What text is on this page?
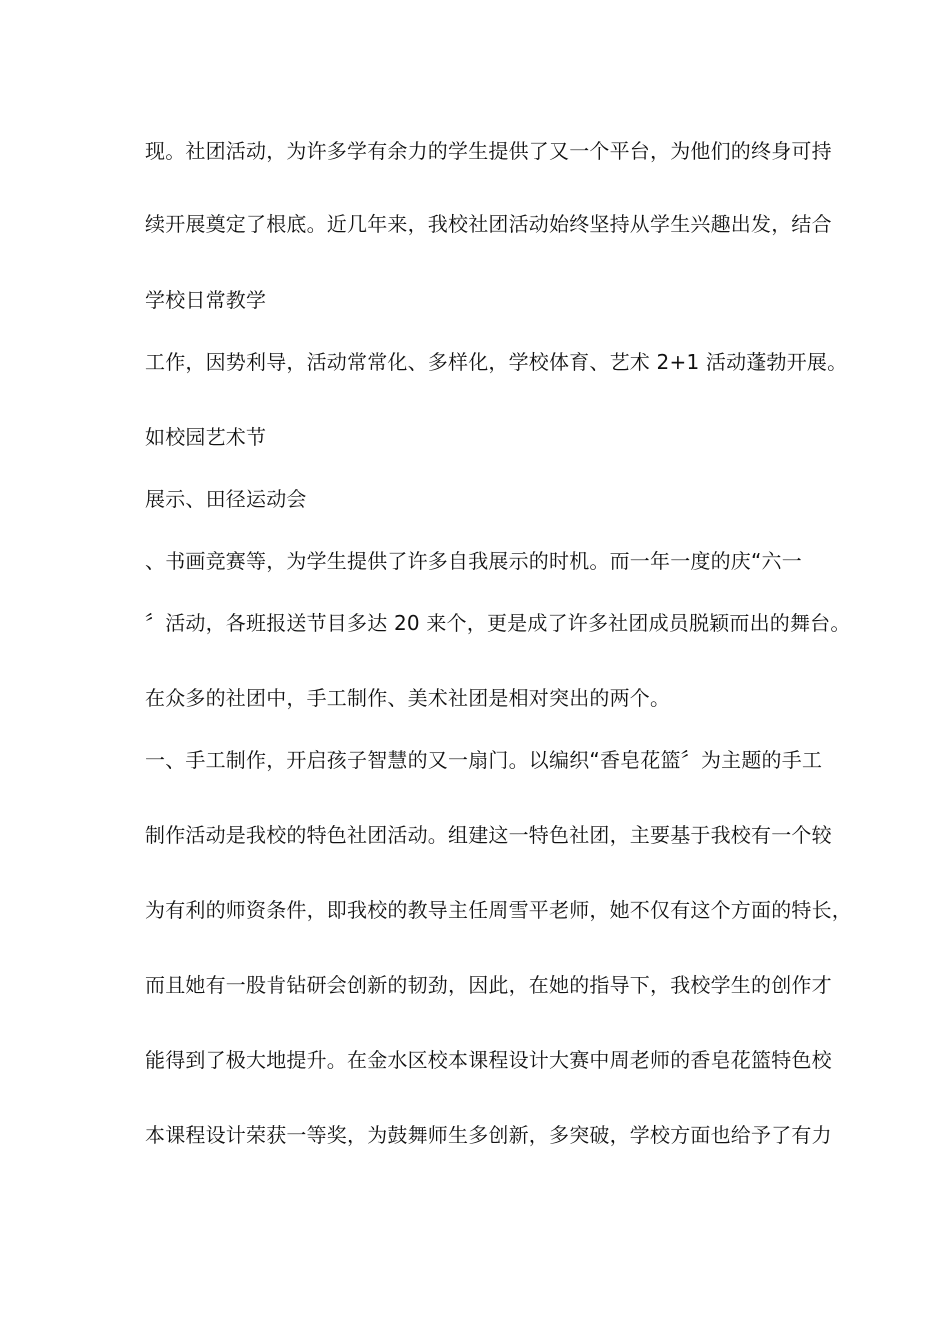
现。社团活动，为许多学有余力的学生提供了又一个平台，为他们的终身可持
续开展奠定了根底。近几年来，我校社团活动始终坚持从学生兴趣出发，结合
学校日常教学
工作，因势利导，活动常常化、多样化，学校体育、艺术 2+1 活动蓬勃开展。
如校园艺术节
展示、田径运动会
、书画竞赛等，为学生提供了许多自我展示的时机。而一年一度的庆“六一
〞活动，各班报送节目多达 20 来个，更是成了许多社团成员脱颖而出的舞台。
在众多的社团中，手工制作、美术社团是相对突出的两个。
一、手工制作，开启孩子智慧的又一扇门。以编织“香皂花篮〞为主题的手工
制作活动是我校的特色社团活动。组建这一特色社团，主要基于我校有一个较
为有利的师资条件，即我校的教导主任周雪平老师，她不仅有这个方面的特长，
而且她有一股肯钻研会创新的韧劲，因此，在她的指导下，我校学生的创作才
能得到了极大地提升。在金水区校本课程设计大赛中周老师的香皂花篮特色校
本课程设计荣获一等奖，为鼓舞师生多创新，多突破，学校方面也给予了有力
